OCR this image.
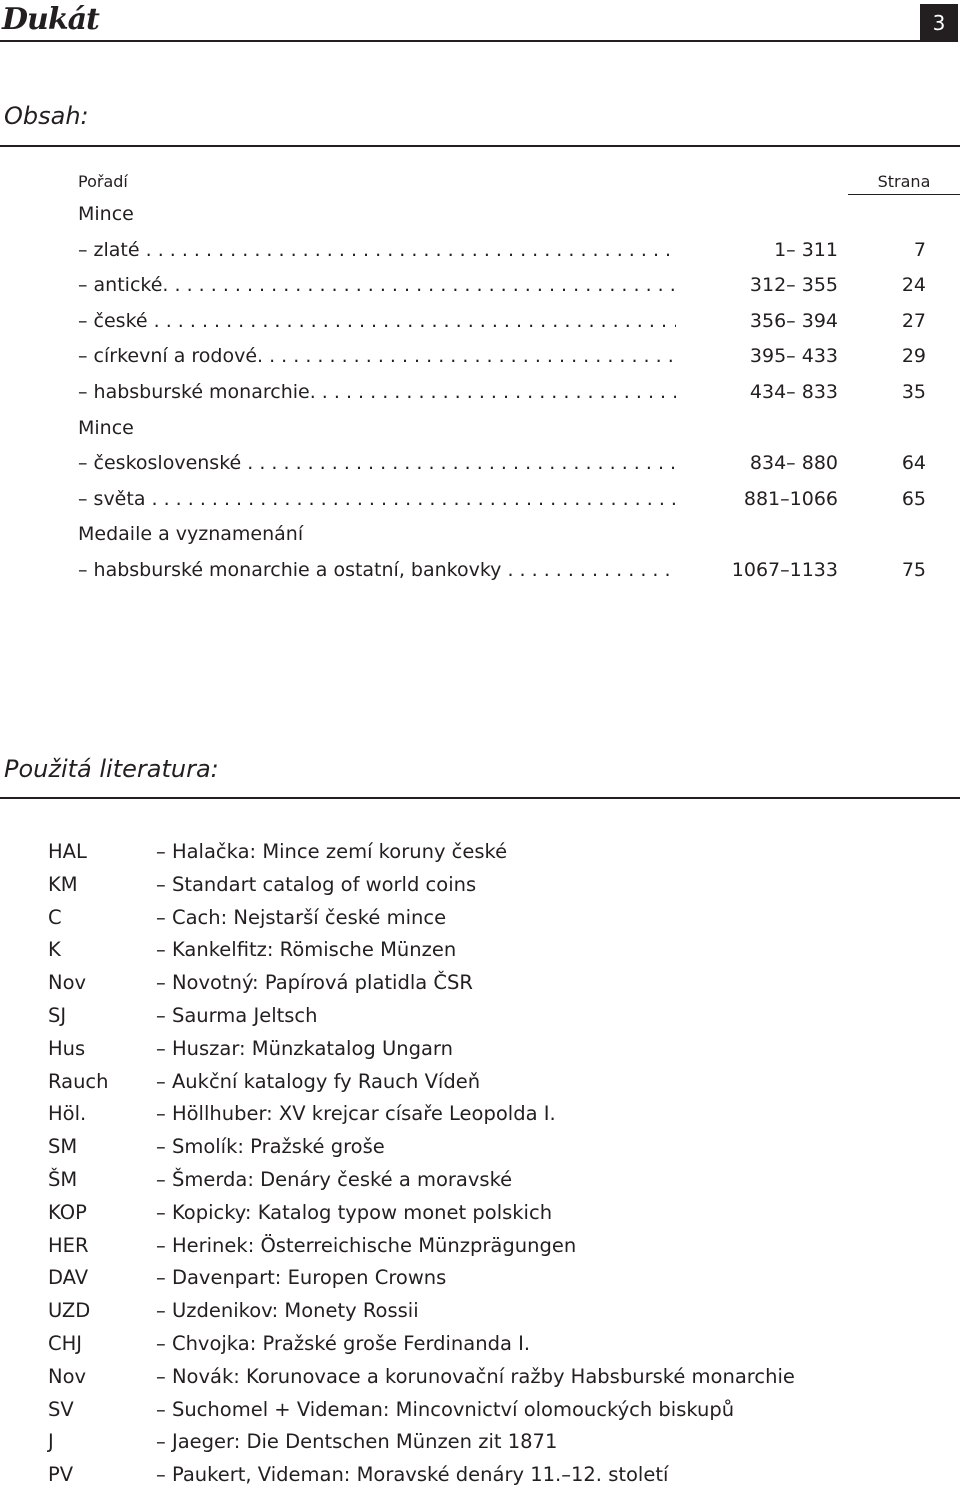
Dukát	3
Obsah:
Pořadí	Strana
Mince
– zlaté . . .	1– 311	7
– antické. . . .	312– 355	24
– české . . .	356– 394	27
– církevní a rodové. . . .	395– 433	29
– habsburské monarchie. . . .	434– 833	35
Mince
– československé . . .	834– 880	64
– světa . . .	881–1066	65
Medaile a vyznamenání
– habsburské monarchie a ostatní, bankovky . . .	1067–1133	75
Použitá literatura:
HAL	– Halačka: Mince zemí koruny české
KM	– Standart catalog of world coins
C	– Cach: Nejstarší české mince
K	– Kankelfitz: Römische Münzen
Nov	– Novotný: Papírová platidla ČSR
SJ	– Saurma Jeltsch
Hus	– Huszar: Münzkatalog Ungarn
Rauch – Aukční katalogy fy Rauch Vídeň
Höl.	– Höllhuber: XV krejcar císaře Leopolda I.
SM	– Smolík: Pražské groše
ŠM	– Šmerda: Denáry české a moravské
KOP	– Kopicky: Katalog typow monet polskich
HER	– Herinek: Österreichische Münzprägungen
DAV	– Davenpart: Europen Crowns
UZD	– Uzdenikov: Monety Rossii
CHJ	– Chvojka: Pražské groše Ferdinanda I.
Nov	– Novák: Korunovace a korunovační ražby Habsburské monarchie
SV	– Suchomel + Videman: Mincovnictví olomouckých biskupů
J	– Jaeger: Die Dentschen Münzen zit 1871
PV	– Paukert, Videman: Moravské denáry 11.–12. století
